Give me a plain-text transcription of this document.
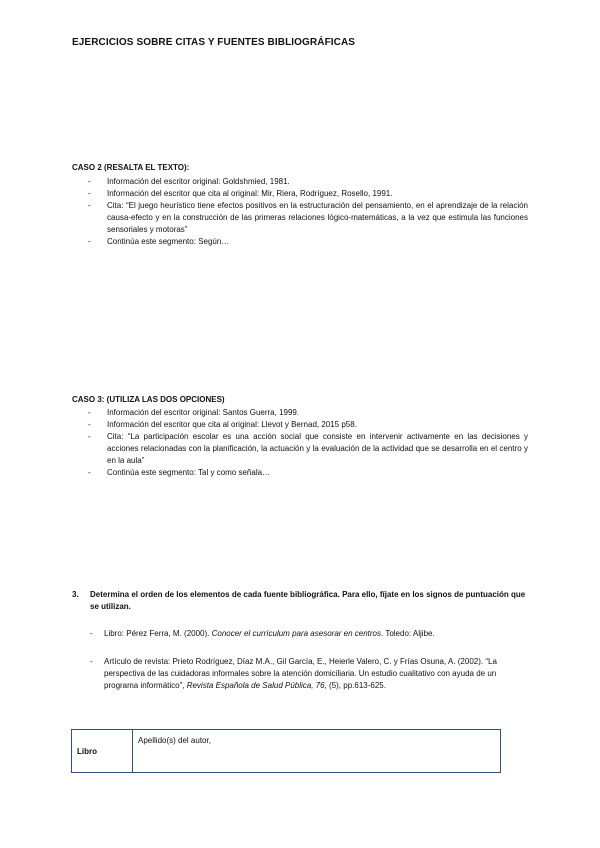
EJERCICIOS SOBRE CITAS Y FUENTES BIBLIOGRÁFICAS
CASO 2 (RESALTA EL TEXTO):
- Información del escritor original: Goldshmied, 1981.
- Información del escritor que cita al original: Mir, Riera, Rodríguez, Rosello, 1991.
- Cita: “El juego heurístico tiene efectos positivos en la estructuración del pensamiento, en el aprendizaje de la relación causa-efecto y en la construcción de las primeras relaciones lógico-matemáticas, a la vez que estimula las funciones sensoriales y motoras”
- Continúa este segmento: Según…
CASO 3: (UTILIZA LAS DOS OPCIONES)
- Información del escritor original: Santos Guerra, 1999.
- Información del escritor que cita al original: Llevot y Bernad, 2015 p58.
- Cita: “La participación escolar es una acción social que consiste en intervenir activamente en las decisiones y acciones relacionadas con la planificación, la actuación y la evaluación de la actividad que se desarrolla en el centro y en la aula”
- Continúa este segmento: Tal y como señala…
3. Determina el orden de los elementos de cada fuente bibliográfica. Para ello, fíjate en los signos de puntuación que se utilizan.
- Libro: Pérez Ferra, M. (2000). Conocer el currículum para asesorar en centros. Toledo: Aljibe.
- Artículo de revista: Prieto Rodríguez, Díaz M.A., Gil García, E., Heierle Valero, C. y Frías Osuna, A. (2002). “La perspectiva de las cuidadoras informales sobre la atención domiciliaria. Un estudio cualitativo con ayuda de un programa informático”, Revista Española de Salud Pública, 76, (5), pp.613-625.
Libro	Apellido(s) del autor,
